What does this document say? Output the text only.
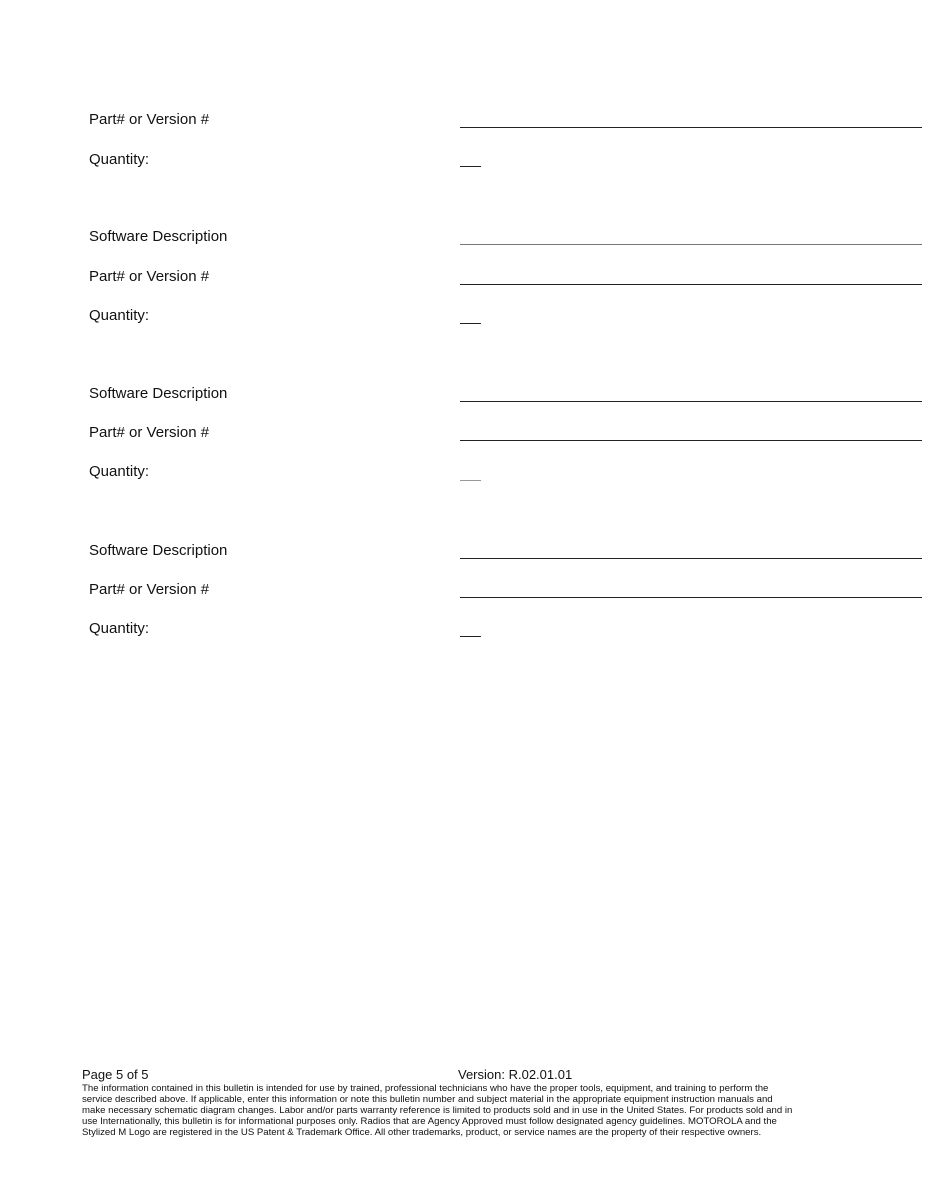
Part# or Version #
Quantity:
Software Description
Part# or Version #
Quantity:
Software Description
Part# or Version #
Quantity:
Software Description
Part# or Version #
Quantity:
Page 5 of 5	Version: R.02.01.01
The information contained in this bulletin is intended for use by trained, professional technicians who have the proper tools, equipment, and training to perform the
service described above. If applicable, enter this information or note this bulletin number and subject material in the appropriate equipment instruction manuals and
make necessary schematic diagram changes. Labor and/or parts warranty reference is limited to products sold and in use in the United States. For products sold and in
use Internationally, this bulletin is for informational purposes only. Radios that are Agency Approved must follow designated agency guidelines. MOTOROLA and the
Stylized M Logo are registered in the US Patent & Trademark Office. All other trademarks, product, or service names are the property of their respective owners.
